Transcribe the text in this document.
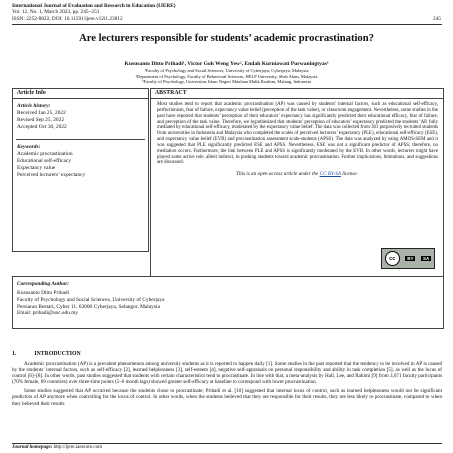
International Journal of Evaluation and Research in Education (IJERE)
Vol. 12, No. 1, March 2023, pp. 245~251
ISSN: 2252-8822, DOI: 10.11591/ijere.v12i1.23812	245
Are lecturers responsible for students’ academic procrastination?
Kususanto Ditto Prihadi¹, Victor Goh Weng Yew², Endah Kurniawati Purwaningtyas³
¹Faculty of Psychology and Social Sciences, University of Cyberjaya, Cyberjaya, Malaysia
²Department of Psychology, Faculty of Behavioral Sciences, HELP University, Shah Alam, Malaysia
³Faculty of Psychology, Universitas Islam Negeri Maulana Malik Ibrahim, Malang, Indonesia
Article Info
Article history:
Received Jan 25, 2022
Revised Sep 25, 2022
Accepted Oct 30, 2022
Keywords:
Academic procrastination
Educational self-efficacy
Expectancy value
Perceived lecturers’ expectancy
ABSTRACT
Most studies tend to report that academic procrastination (AP) was caused by students’ internal factors, such as educational self-efficacy, perfectionism, fear of failure, expectancy value belief (perception of the task value), or classroom engagement. Nevertheless, some studies in the past have reported that students’ perception of their educators’ expectancy has significantly predicted their educational efficacy, fear of failure, and perception of the task value. Therefore, we hypothesized that students’ perception of educators’ expectancy predicted the students’ AP, fully mediated by educational self-efficacy, moderated by the expectancy value belief. The data was collected from 361 purposively recruited students from universities in Indonesia and Malaysia who completed the scales of perceived lecturers’ expectancy (PLE), educational self-efficacy (ESE), and expectancy value belief (EVB) and procrastination assessment scale-students (APSS). The data was analyzed by using AMOS-SEM and it was suggested that PLE significantly predicted ESE and APSS. Nevertheless, ESE was not a significant predictor of APSS; therefore, no mediation occurs. Furthermore, the link between PLE and APSS is significantly moderated by the EVB. In other words, lecturers might have played some active role, albeit indirect, in pushing students toward academic procrastination. Further implications, limitations, and suggestions are discussed.
This is an open access article under the CC BY-SA license.
cc	BY	SA
Corresponding Author:
Kususanto Ditto Prihadi
Faculty of Psychology and Social Sciences, University of Cyberjaya
Persiaran Bestari, Cyber 11, 63000 Cyberjaya, Selangor, Malaysia
Email: prihadi@uoc.edu.my
1.	INTRODUCTION

Academic procrastination (AP) is a prevalent phenomenon among university students as it is reported to happen daily [1]. Some studies in the past reported that the tendency to be involved in AP is caused by the students’ internal factors, such as self-efficacy [2], learned helplessness [3], self-esteem [4], negative self-appraisals on personal responsibility and ability in task completion [5], as well as the locus of control [6]–[8]. In other words, past studies suggested that students with certain characteristics tend to procrastinate. In line with that, a meta-analysis by Hall, Lee, and Rahimi [9] from 3,071 faculty participants (70% female, 69 countries) over three-time points (5–6 month lags) showed greater self-efficacy at baseline to correspond with lower procrastination.

Some studies suggested that AP occurred because the students chose to procrastinate; Prihadi et al. [10] suggested that internal locus of control, such as learned helplessness would not be significant predictors of AP anymore when controlling for the locus of control. In other words, when the students believed that they are responsible for their results, they are less likely to procrastinate, compared to when they believed their results

Journal homepage: http://ijere.iaescore.com
